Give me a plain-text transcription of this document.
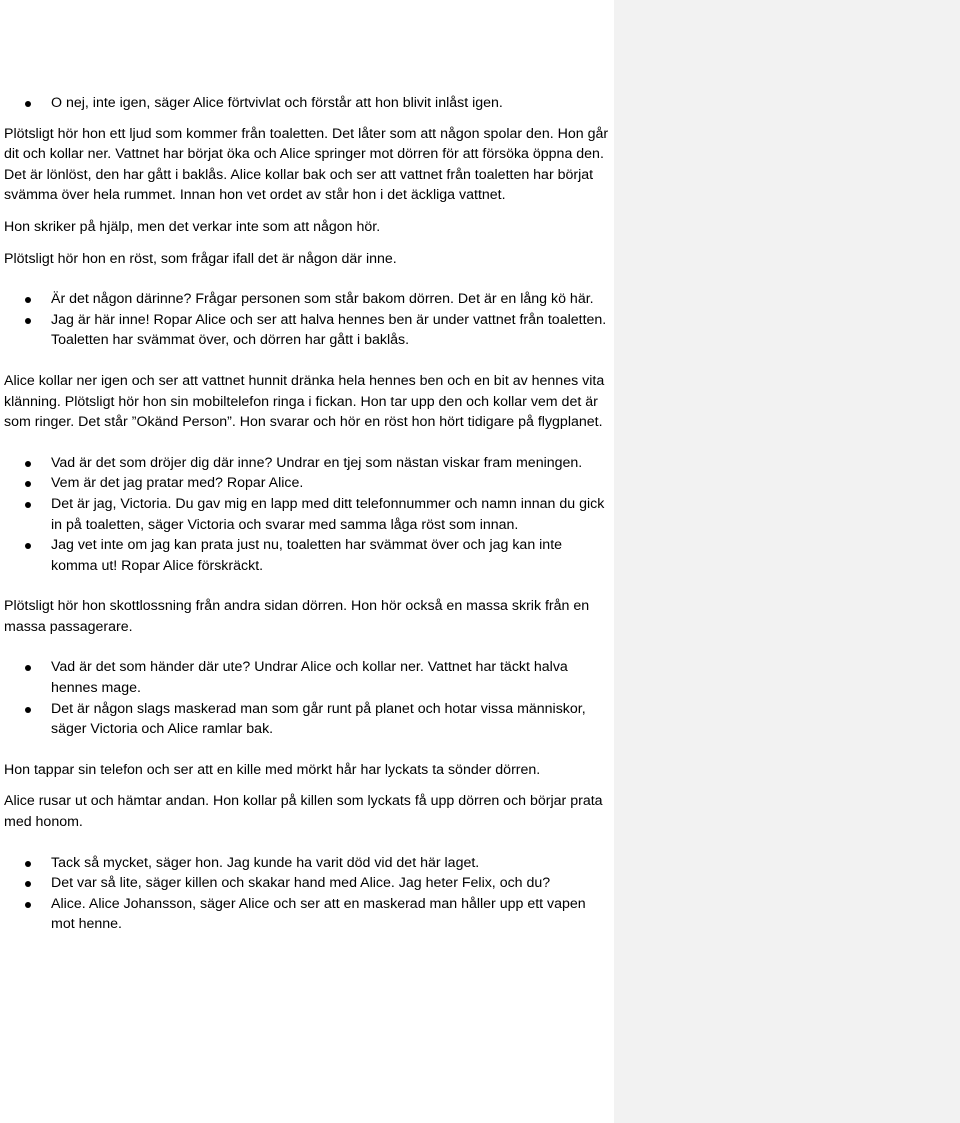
O nej, inte igen, säger Alice förtvivlat och förstår att hon blivit inlåst igen.

Plötsligt hör hon ett ljud som kommer från toaletten. Det låter som att någon spolar den. Hon går dit och kollar ner. Vattnet har börjat öka och Alice springer mot dörren för att försöka öppna den. Det är lönlöst, den har gått i baklås. Alice kollar bak och ser att vattnet från toaletten har börjat svämma över hela rummet. Innan hon vet ordet av står hon i det äckliga vattnet.

Hon skriker på hjälp, men det verkar inte som att någon hör.

Plötsligt hör hon en röst, som frågar ifall det är någon där inne.

Är det någon därinne? Frågar personen som står bakom dörren. Det är en lång kö här.
Jag är här inne! Ropar Alice och ser att halva hennes ben är under vattnet från toaletten. Toaletten har svämmat över, och dörren har gått i baklås.

Alice kollar ner igen och ser att vattnet hunnit dränka hela hennes ben och en bit av hennes vita klänning. Plötsligt hör hon sin mobiltelefon ringa i fickan. Hon tar upp den och kollar vem det är som ringer. Det står ”Okänd Person”. Hon svarar och hör en röst hon hört tidigare på flygplanet.

Vad är det som dröjer dig där inne? Undrar en tjej som nästan viskar fram meningen.
Vem är det jag pratar med? Ropar Alice.
Det är jag, Victoria. Du gav mig en lapp med ditt telefonnummer och namn innan du gick in på toaletten, säger Victoria och svarar med samma låga röst som innan.
Jag vet inte om jag kan prata just nu, toaletten har svämmat över och jag kan inte komma ut! Ropar Alice förskräckt.

Plötsligt hör hon skottlossning från andra sidan dörren. Hon hör också en massa skrik från en massa passagerare.

Vad är det som händer där ute? Undrar Alice och kollar ner. Vattnet har täckt halva hennes mage.
Det är någon slags maskerad man som går runt på planet och hotar vissa människor, säger Victoria och Alice ramlar bak.

Hon tappar sin telefon och ser att en kille med mörkt hår har lyckats ta sönder dörren.

Alice rusar ut och hämtar andan. Hon kollar på killen som lyckats få upp dörren och börjar prata med honom.

Tack så mycket, säger hon. Jag kunde ha varit död vid det här laget.
Det var så lite, säger killen och skakar hand med Alice. Jag heter Felix, och du?
Alice. Alice Johansson, säger Alice och ser att en maskerad man håller upp ett vapen mot henne.
